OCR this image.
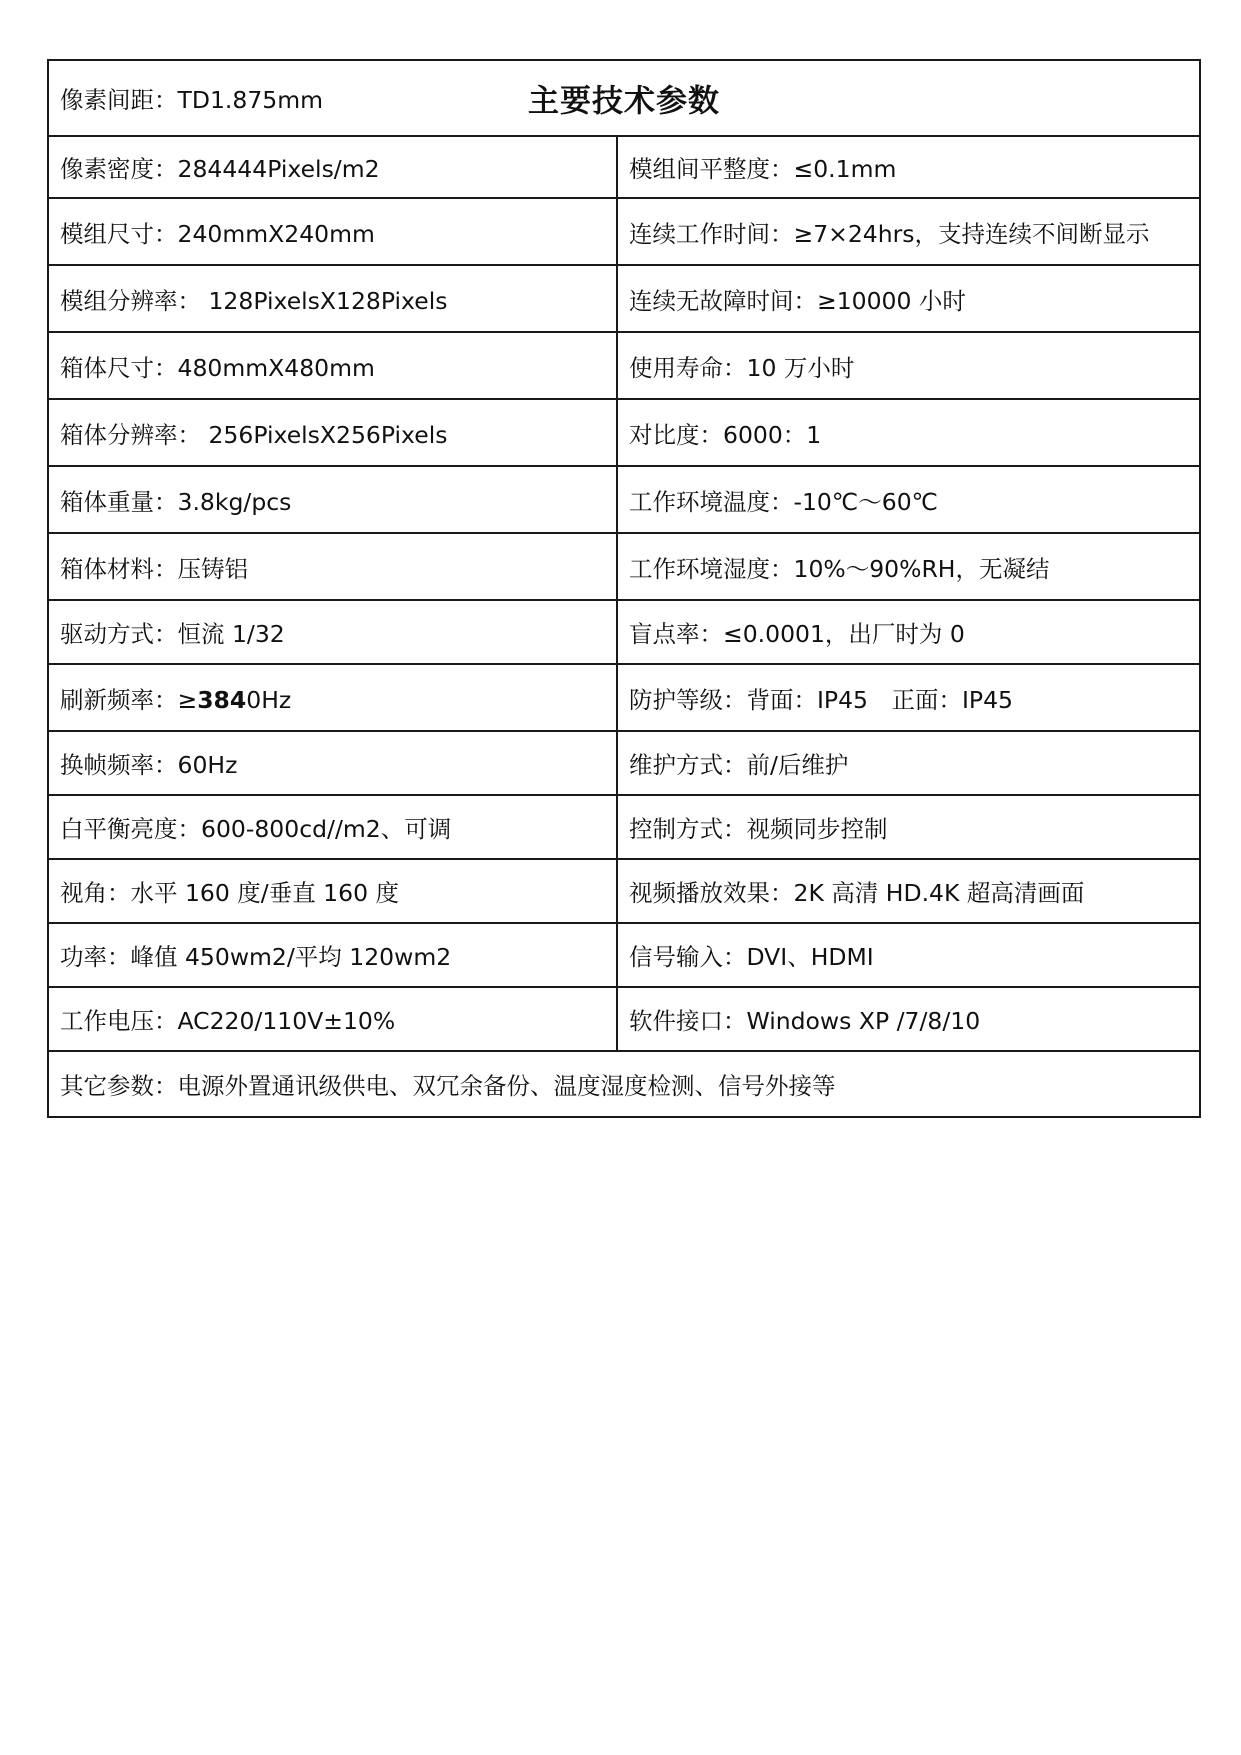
像素间距：TD1.875mm 主要技术参数	

像素密度：284444Pixels/m2	模组间平整度：≤0.1mm
模组尺寸：240mmX240mm	连续工作时间：≥7×24hrs，支持连续不间断显示
模组分辨率： 128PixelsX128Pixels	连续无故障时间：≥10000 小时
箱体尺寸：480mmX480mm	使用寿命：10 万小时
箱体分辨率： 256PixelsX256Pixels	对比度：6000：1
箱体重量：3.8kg/pcs	工作环境温度：-10℃～60℃
箱体材料：压铸铝	工作环境湿度：10%～90%RH，无凝结
驱动方式：恒流 1/32	盲点率：≤0.0001，出厂时为 0
刷新频率：≥3840Hz	防护等级：背面：IP45　正面：IP45
换帧频率：60Hz	维护方式：前/后维护
白平衡亮度：600-800cd//m2、可调	控制方式：视频同步控制
视角：水平 160 度/垂直 160 度	视频播放效果：2K 高清 HD.4K 超高清画面
功率：峰值 450wm2/平均 120wm2	信号输入：DVI、HDMI
工作电压：AC220/110V±10%	软件接口：Windows XP /7/8/10
其它参数：电源外置通讯级供电、双冗余备份、温度湿度检测、信号外接等	
